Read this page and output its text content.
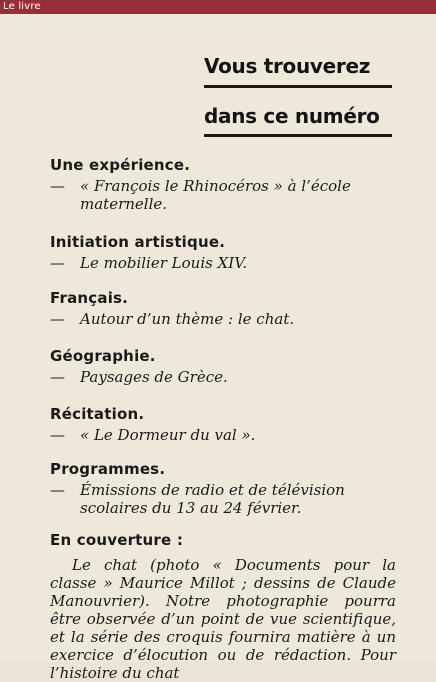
Le livre
Vous trouverez
dans ce numéro
Une expérience.
— « François le Rhinocéros » à l’école maternelle.
Initiation artistique.
— Le mobilier Louis XIV.
Français.
— Autour d’un thème : le chat.
Géographie.
— Paysages de Grèce.
Récitation.
— « Le Dormeur du val ».
Programmes.
— Émissions de radio et de télévision scolaires du 13 au 24 février.
En couverture :
Le chat (photo « Documents pour la classe » Maurice Millot ; dessins de Claude Manouvrier). Notre photographie pourra être observée d’un point de vue scientifique, et la série des croquis fournira matière à un exercice d’élocution ou de rédaction. Pour l’histoire du chat
